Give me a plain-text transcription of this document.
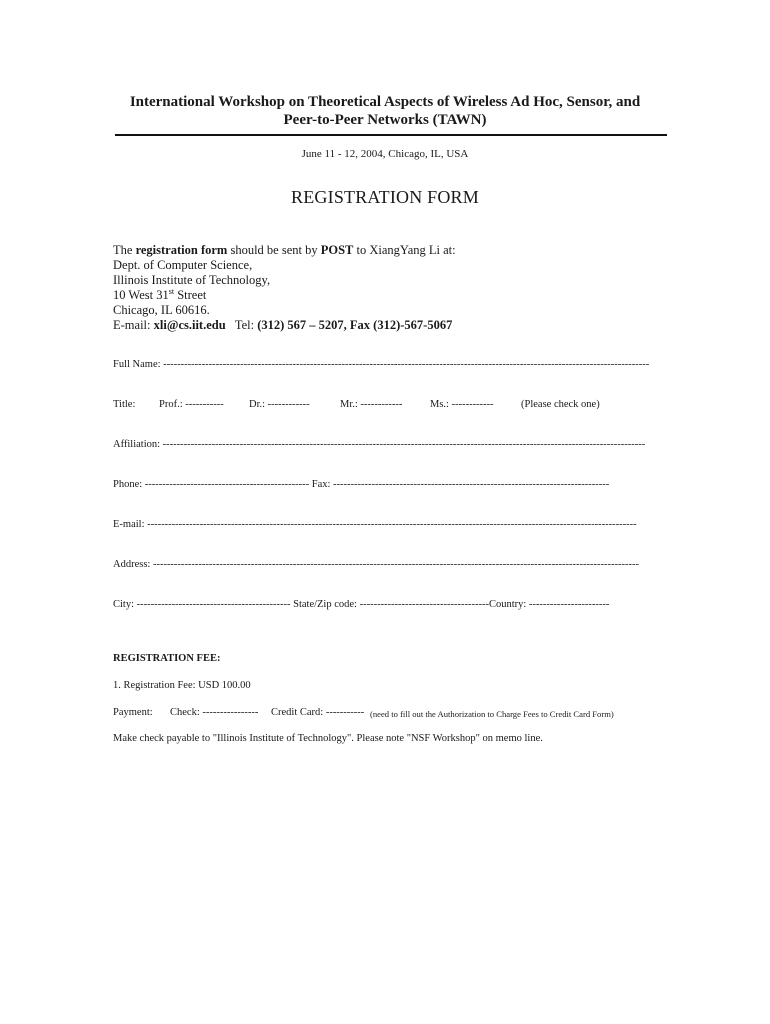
International Workshop on Theoretical Aspects of Wireless Ad Hoc, Sensor, and
Peer-to-Peer Networks (TAWN)
June 11 - 12, 2004, Chicago, IL, USA
REGISTRATION FORM
The registration form should be sent by POST to XiangYang Li at:
Dept. of Computer Science,
Illinois Institute of Technology,
10 West 31st Street
Chicago, IL 60616.
E-mail: xli@cs.iit.edu   Tel: (312) 567 – 5207, Fax (312)-567-5067
Full Name: -------------------------------------------------------------------------------------------------------------------------------------------
Title: Prof.: ----------- Dr.: ------------	Mr.: ------------	Ms.: ------------	(Please check one)
Affiliation: ------------------------------------------------------------------------------------------------------------------------------------------
Phone: ----------------------------------------------- Fax: -------------------------------------------------------------------------------
E-mail: --------------------------------------------------------------------------------------------------------------------------------------------
Address: -------------------------------------------------------------------------------------------------------------------------------------------
City: -------------------------------------------- State/Zip code: -------------------------------------Country: -----------------------
REGISTRATION FEE:
1. Registration Fee: USD 100.00
Payment: Check: ---------------- Credit Card: ----------- (need to fill out the Authorization to Charge Fees to Credit Card Form)
Make check payable to "Illinois Institute of Technology". Please note "NSF Workshop" on memo line.
